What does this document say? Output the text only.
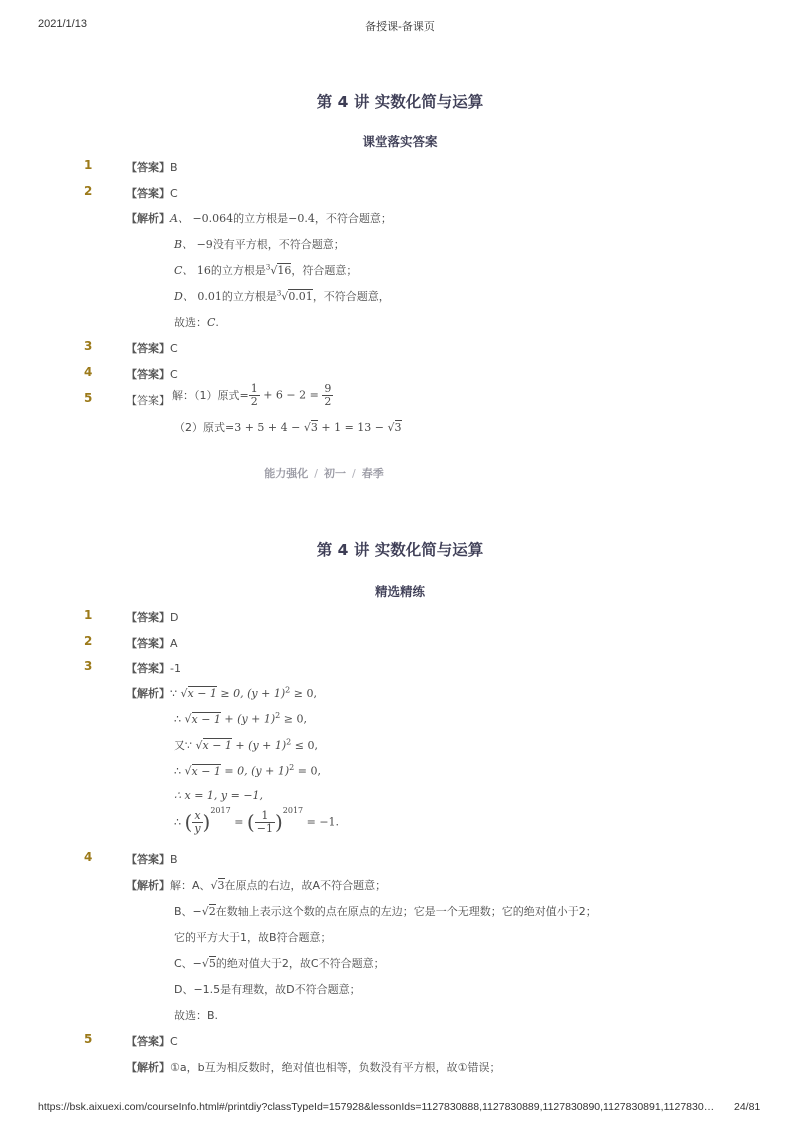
2021/1/13	备授课-备课页
第 4 讲 实数化简与运算
课堂落实答案
1	【答案】B
2	【答案】C
【解析】A、 −0.064的立方根是−0.4，不符合题意；
B、 −9没有平方根，不符合题意；
C、 16的立方根是$^3$√16，符合题意；
D、 0.01的立方根是$^3$√0.01，不符合题意，
故选：C.
3	【答案】C
4	【答案】C
5	【答案】 解：（1）原式= $\frac{1}{2} + 6 - 2 = \frac{9}{2}$
（2）原式=3 + 5 + 4 − √3 + 1 = 13 − √3
能力强化 / 初一 / 春季
第 4 讲 实数化简与运算
精选精练
1	【答案】D
2	【答案】A
3	【答案】-1
【解析】∵ √x − 1 ≥ 0, $(y + 1)^2 \ge 0$,
∴ $√x - 1 + (y + 1)^2 \ge 0$,
又∵ $√x - 1 + (y + 1)^2 \le 0$,
∴ √x − 1 = 0, $(y + 1)^2 = 0$,
∴ x = 1, y = −1,
∴ ( $\frac{x}{y} )^{2017}$ = ( $\frac{1}{-1} )^{2017} = -1$.
4	【答案】B
【解析】解：A、√3在原点的右边，故A不符合题意；
B、−√2在数轴上表示这个数的点在原点的左边；它是一个无理数；它的绝对值小于2；
它的平方大于1，故B符合题意；
C、−√5的绝对值大于2，故C不符合题意；
D、−1.5是有理数，故D不符合题意；
故选：B.
5	【答案】C
【解析】①a，b互为相反数时，绝对值也相等，负数没有平方根，故①错误；
https://bsk.aixuexi.com/courseInfo.html#/printdiy?classTypeId=157928&lessonIds=1127830888,1127830889,1127830890,1127830891,1127830…	24/81
